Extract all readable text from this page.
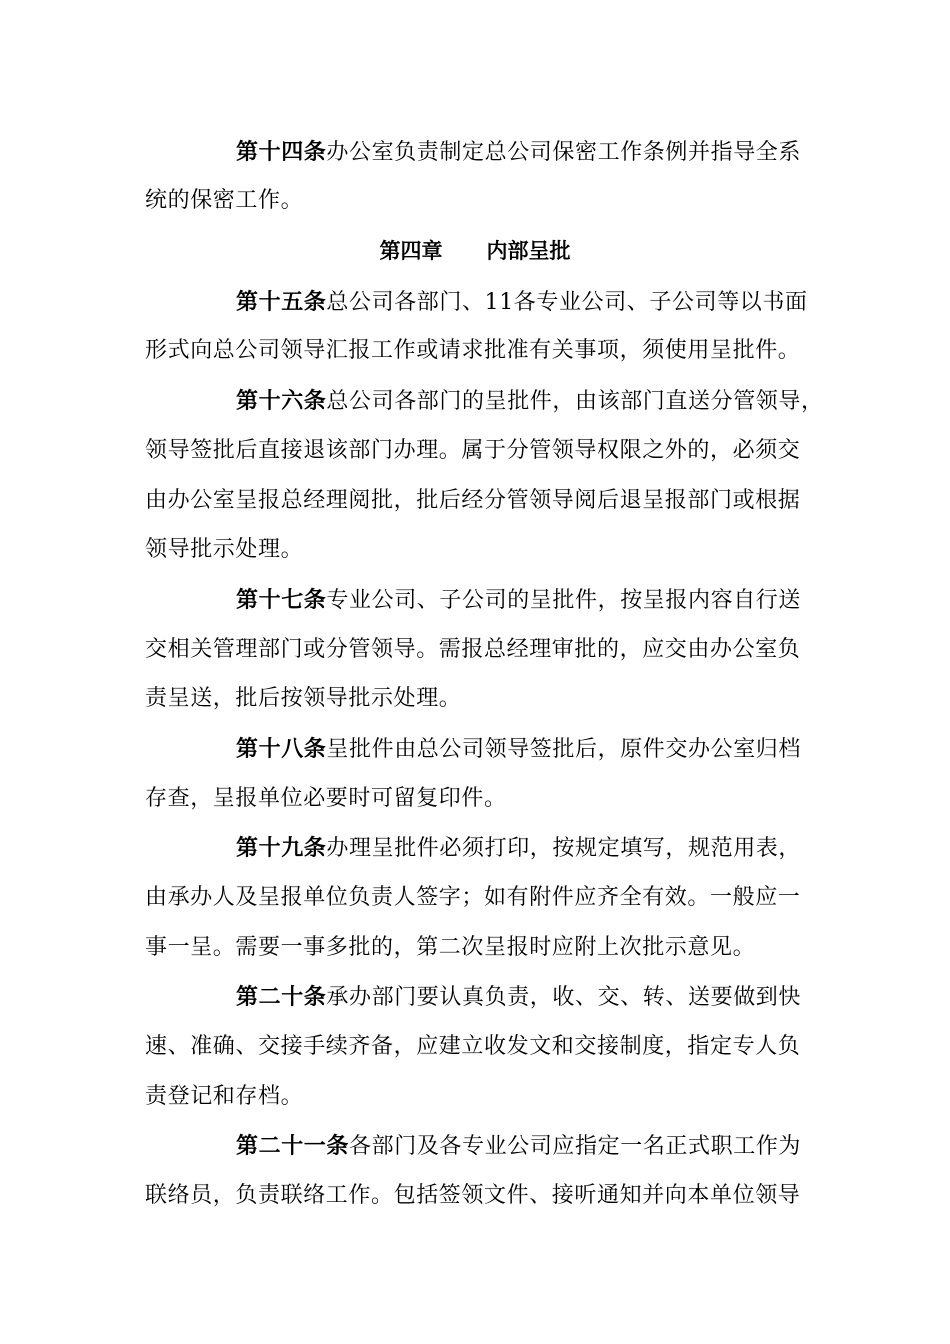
第十四条办公室负责制定总公司保密工作条例并指导全系
统的保密工作。
第四章 内部呈批
第十五条总公司各部门、11各专业公司、子公司等以书面
形式向总公司领导汇报工作或请求批准有关事项，须使用呈批件。
第十六条总公司各部门的呈批件，由该部门直送分管领导，
领导签批后直接退该部门办理。属于分管领导权限之外的，必须交
由办公室呈报总经理阅批，批后经分管领导阅后退呈报部门或根据
领导批示处理。
第十七条专业公司、子公司的呈批件，按呈报内容自行送
交相关管理部门或分管领导。需报总经理审批的，应交由办公室负
责呈送，批后按领导批示处理。
第十八条呈批件由总公司领导签批后，原件交办公室归档
存查，呈报单位必要时可留复印件。
第十九条办理呈批件必须打印，按规定填写，规范用表，
由承办人及呈报单位负责人签字；如有附件应齐全有效。一般应一
事一呈。需要一事多批的，第二次呈报时应附上次批示意见。
第二十条承办部门要认真负责，收、交、转、送要做到快
速、准确、交接手续齐备，应建立收发文和交接制度，指定专人负
责登记和存档。
第二十一条各部门及各专业公司应指定一名正式职工作为
联络员，负责联络工作。包括签领文件、接听通知并向本单位领导
